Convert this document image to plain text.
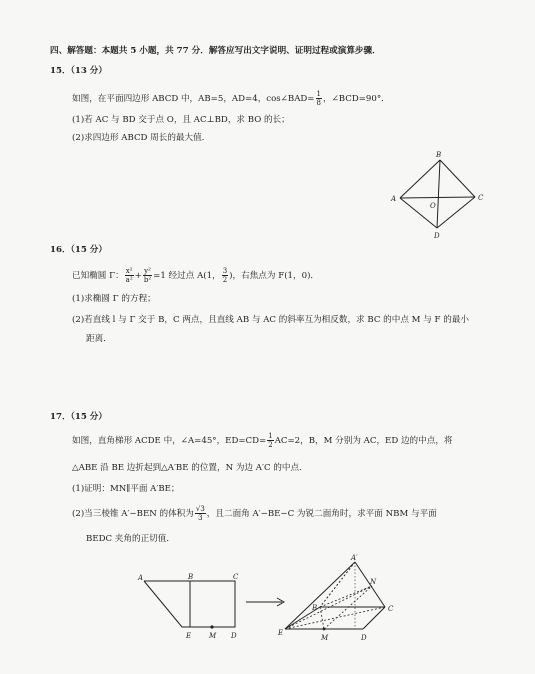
四、解答题：本题共 5 小题，共 77 分．解答应写出文字说明、证明过程或演算步骤．
15．（13 分）
如图，在平面四边形 ABCD 中，AB=5，AD=4，cos∠BAD= $\frac{1}{8}$ ，∠BCD=90°．
(1)若 AC 与 BD 交于点 O，且 AC⊥BD，求 BO 的长；
(2)求四边形 ABCD 周长的最大值．
A
B
C
D
O
16．（15 分）
已知椭圆 Γ： $\frac{\text{x²}}{\text{a²}} + \frac{\text{y²}}{\text{b²}} =1$ 经过点 A(1， $\frac{3}{2}$ )，右焦点为 F(1，0)．
(1)求椭圆 Γ 的方程；
(2)若直线 l 与 Γ 交于 B，C 两点，且直线 AB 与 AC 的斜率互为相反数，求 BC 的中点 M 与 F 的最小
距离．
17．（15 分）
如图，直角梯形 ACDE 中，∠A=45°，$ED=CD= \frac{1}{2} AC=2$，B，M 分别为 AC，ED 边的中点，将
△ABE 沿 BE 边折起到△A′BE 的位置，N 为边 A′C 的中点．
(1)证明：MN∥平面 A′BE；
(2)当三棱锥 A′−BEN 的体积为 $\frac{√3}{3}$ ，且二面角 A′−BE−C 为锐二面角时，求平面 NBM 与平面
BEDC 夹角的正切值．
A	B	C
E	M D
A′
N
B	C
E
M	D
